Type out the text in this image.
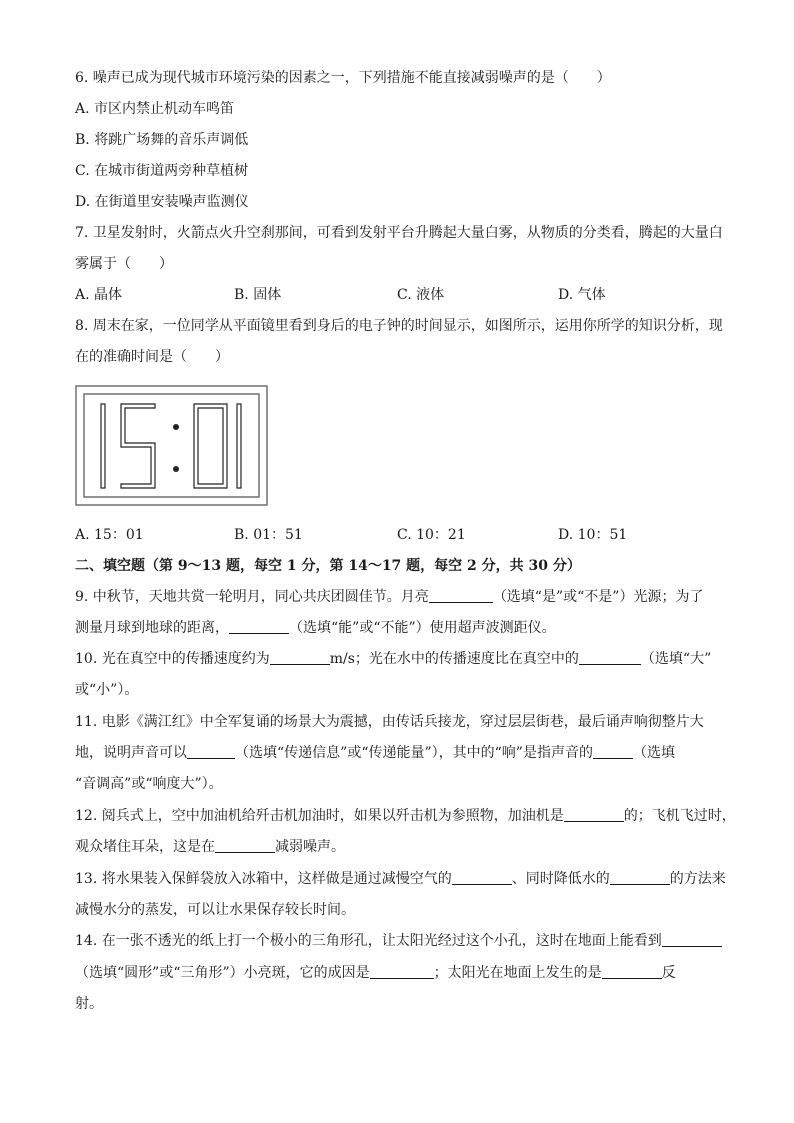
6. 噪声已成为现代城市环境污染的因素之一，下列措施不能直接减弱噪声的是（　　）
A. 市区内禁止机动车鸣笛
B. 将跳广场舞的音乐声调低
C. 在城市街道两旁种草植树
D. 在街道里安装噪声监测仪
7. 卫星发射时，火箭点火升空刹那间，可看到发射平台升腾起大量白雾，从物质的分类看，腾起的大量白
雾属于（　　）
A. 晶体	B. 固体	C. 液体	D. 气体
8. 周末在家，一位同学从平面镜里看到身后的电子钟的时间显示，如图所示，运用你所学的知识分析，现
在的准确时间是（　　）
A. 15：01	B. 01：51	C. 10：21	D. 10：51
二、填空题（第 9～13 题，每空 1 分，第 14～17 题，每空 2 分，共 30 分）
9. 中秋节，天地共赏一轮明月，同心共庆团圆佳节。月亮	（选填“是”或“不是”）光源；为了
测量月球到地球的距离，	（选填“能”或“不能”）使用超声波测距仪。
10. 光在真空中的传播速度约为	m/s；光在水中的传播速度比在真空中的	（选填“大”
或“小”）。
11. 电影《满江红》中全军复诵的场景大为震撼，由传话兵接龙，穿过层层街巷，最后诵声响彻整片大
地，说明声音可以	（选填“传递信息”或“传递能量”），其中的“响”是指声音的	（选填
“音调高”或“响度大”）。
12. 阅兵式上，空中加油机给歼击机加油时，如果以歼击机为参照物，加油机是	的；飞机飞过时，
观众堵住耳朵，这是在	减弱噪声。
13. 将水果装入保鲜袋放入冰箱中，这样做是通过减慢空气的	、同时降低水的	的方法来
减慢水分的蒸发，可以让水果保存较长时间。
14. 在一张不透光的纸上打一个极小的三角形孔，让太阳光经过这个小孔，这时在地面上能看到
（选填“圆形”或“三角形”）小亮斑，它的成因是	；太阳光在地面上发生的是	反
射。
